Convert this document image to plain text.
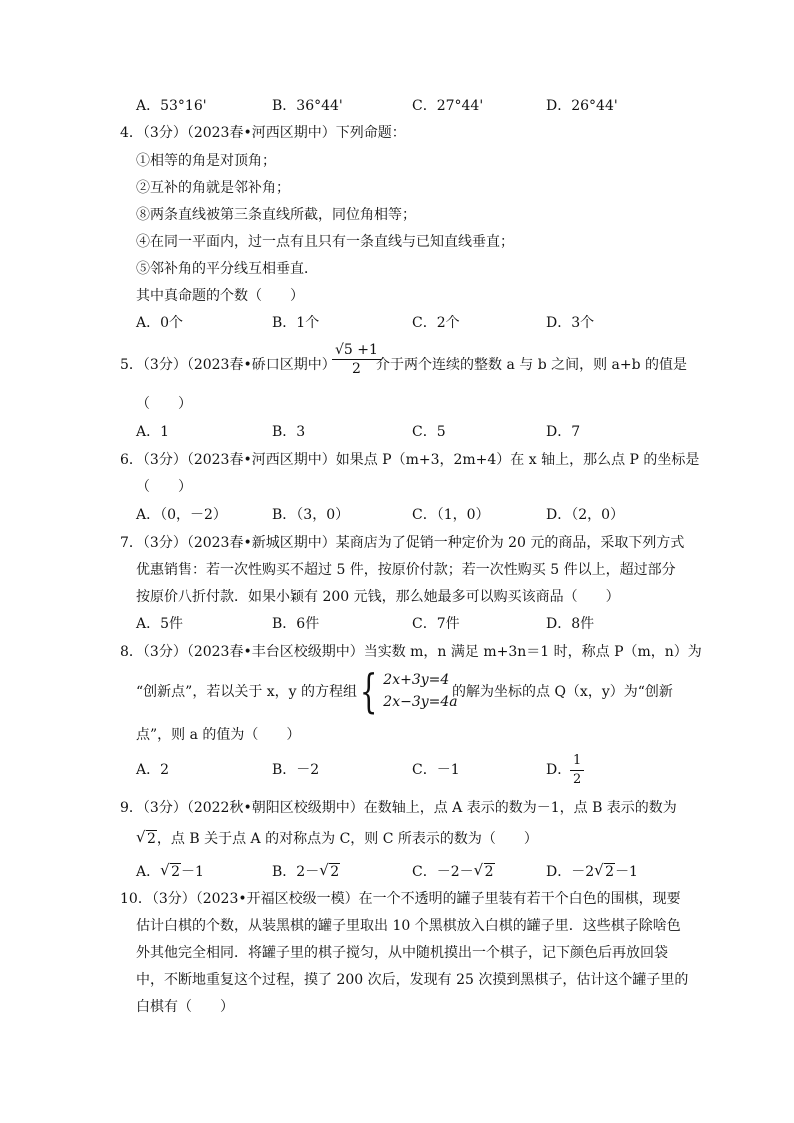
A．53°16'	B．36°44'	C．27°44'	D．26°44'
4．（3分）（2023春•河西区期中）下列命题：
①相等的角是对顶角；
②互补的角就是邻补角；
⑧两条直线被第三条直线所截，同位角相等；
④在同一平面内，过一点有且只有一条直线与已知直线垂直；
⑤邻补角的平分线互相垂直．
其中真命题的个数（　　）
A．0个	B．1个	C．2个	D．3个
5．（3分）（2023春•硚口区期中）
$\frac{√5 +1}{2}$
介于两个连续的整数 a 与 b 之间，则 a+b 的值是
（　　）
A．1	B．3	C．5	D．7
6．（3分）（2023春•河西区期中）如果点 P（m+3，2m+4）在 x 轴上，那么点 P 的坐标是
（　　）
A．（0，－2）	B．（3，0）	C．（1，0）	D．（2，0）
7．（3分）（2023春•新城区期中）某商店为了促销一种定价为 20 元的商品，采取下列方式
优惠销售：若一次性购买不超过 5 件，按原价付款；若一次性购买 5 件以上，超过部分
按原价八折付款．如果小颖有 200 元钱，那么她最多可以购买该商品（　　）
A．5件	B．6件	C．7件	D．8件
8．（3分）（2023春•丰台区校级期中）当实数 m，n 满足 m+3n＝1 时，称点 P（m，n）为
“创新点”，若以关于 x，y 的方程组 { 2x+3y=4
2x−3y=4a
的解为坐标的点 Q（x，y）为“创新
点”，则 a 的值为（　　）
A．2	B．－2	C．－1	D．
$\frac{1}{2}$
9．（3分）（2022秋•朝阳区校级期中）在数轴上，点 A 表示的数为－1，点 B 表示的数为
√ 2，点 B 关于点 A 的对称点为 C，则 C 所表示的数为（　　）
A． √ 2－1	B．2－ √ 2	C．－2－ √ 2	D．－2 √ 2－1
10．（3分）（2023•开福区校级一模）在一个不透明的罐子里装有若干个白色的围棋，现要
估计白棋的个数，从装黑棋的罐子里取出 10 个黑棋放入白棋的罐子里．这些棋子除啥色
外其他完全相同．将罐子里的棋子搅匀，从中随机摸出一个棋子，记下颜色后再放回袋
中，不断地重复这个过程，摸了 200 次后，发现有 25 次摸到黑棋子，估计这个罐子里的
白棋有（　　）
